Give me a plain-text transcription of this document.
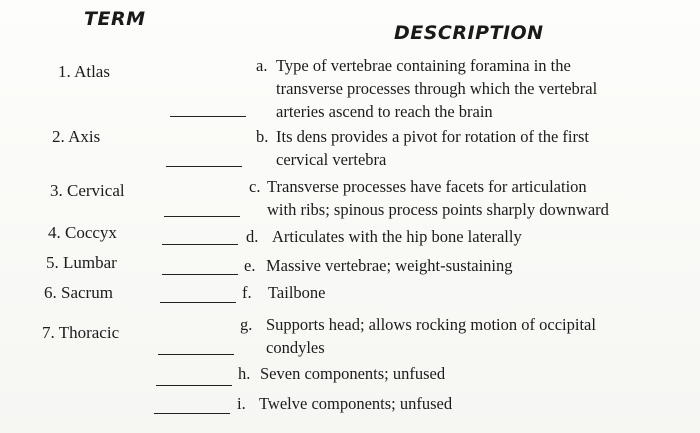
TERM
DESCRIPTION
1. Atlas
2. Axis
3. Cervical
4. Coccyx
5. Lumbar
6. Sacrum
7. Thoracic
a. Type of vertebrae containing foramina in the
transverse processes through which the vertebral
arteries ascend to reach the brain
b. Its dens provides a pivot for rotation of the first
cervical vertebra
c. Transverse processes have facets for articulation
with ribs; spinous process points sharply downward
d. Articulates with the hip bone laterally
e. Massive vertebrae; weight-sustaining
f. Tailbone
g. Supports head; allows rocking motion of occipital
condyles
h. Seven components; unfused
i. Twelve components; unfused
